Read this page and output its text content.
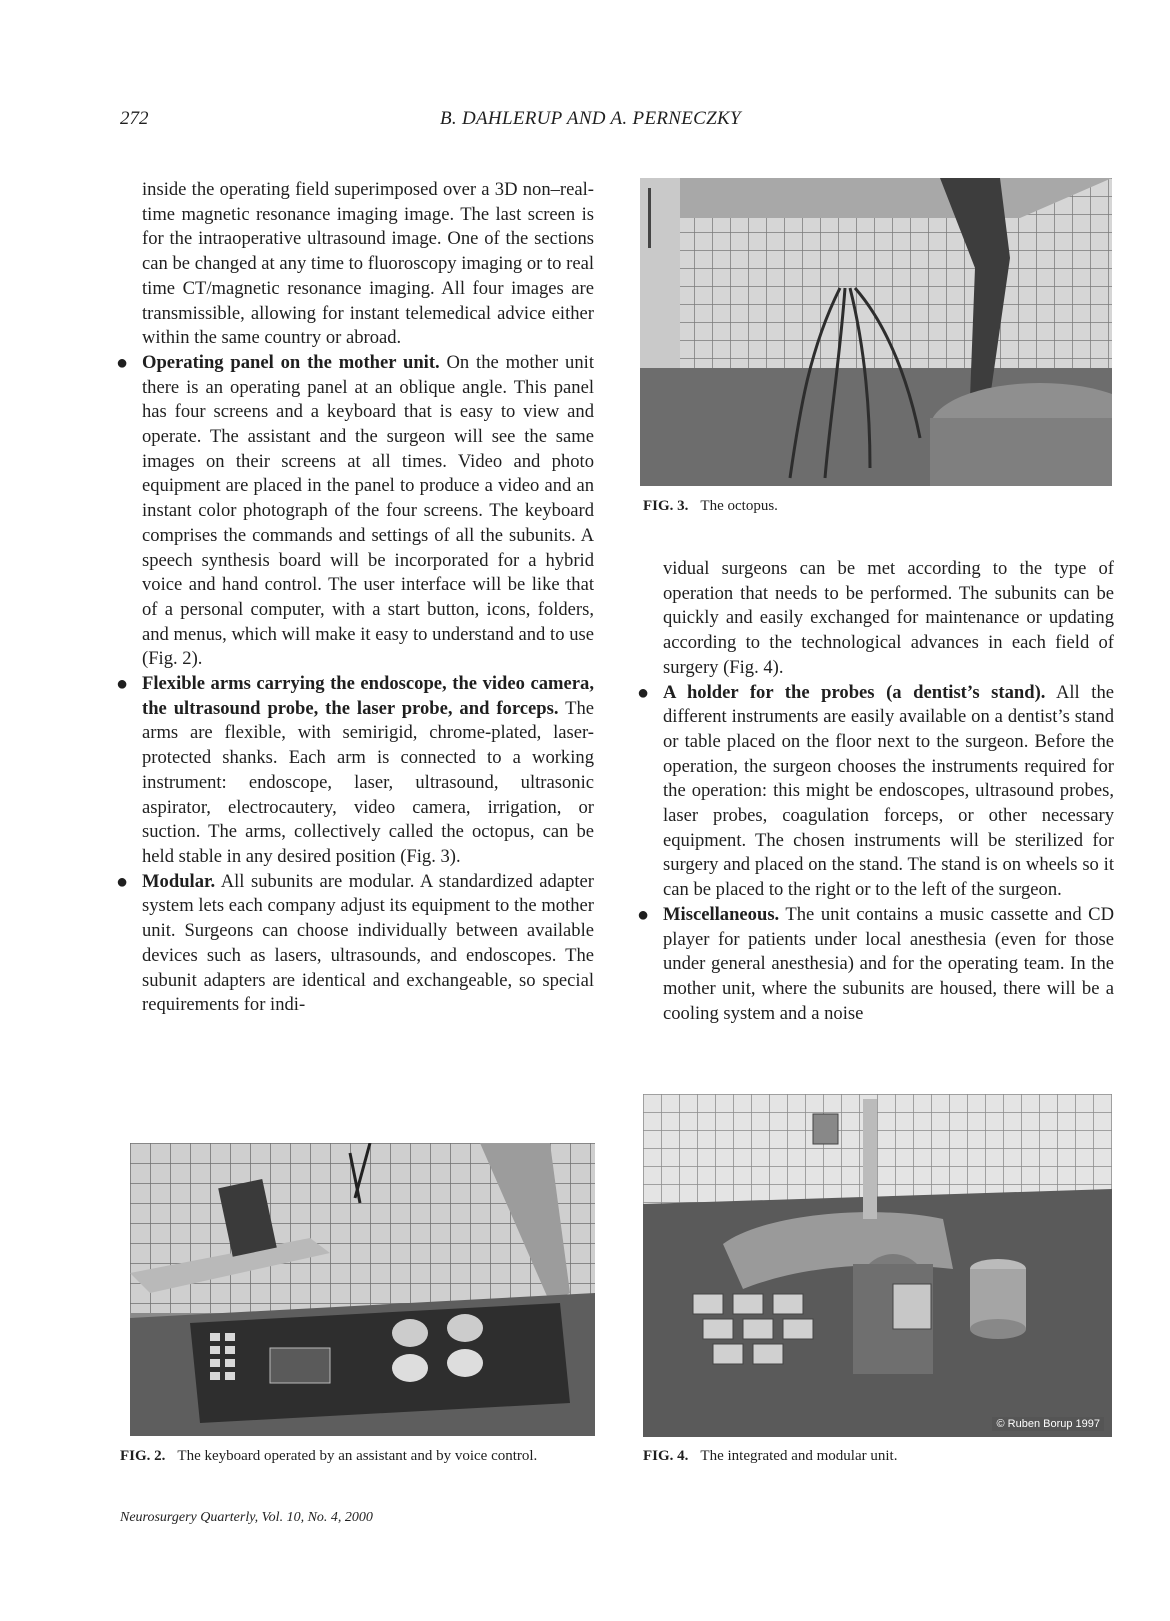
272	B. DAHLERUP AND A. PERNECZKY

inside the operating field superimposed over a 3D non–real-time magnetic resonance imaging image. The last screen is for the intraoperative ultrasound image. One of the sections can be changed at any time to fluoroscopy imaging or to real time CT/magnetic resonance imaging. All four images are transmissible, allowing for instant telemedical advice either within the same country or abroad.

● Operating panel on the mother unit. On the mother unit there is an operating panel at an oblique angle. This panel has four screens and a keyboard that is easy to view and operate. The assistant and the surgeon will see the same images on their screens at all times. Video and photo equipment are placed in the panel to produce a video and an instant color photograph of the four screens. The keyboard comprises the commands and settings of all the subunits. A speech synthesis board will be incorporated for a hybrid voice and hand control. The user interface will be like that of a personal computer, with a start button, icons, folders, and menus, which will make it easy to understand and to use (Fig. 2).

● Flexible arms carrying the endoscope, the video camera, the ultrasound probe, the laser probe, and forceps. The arms are flexible, with semirigid, chrome-plated, laser-protected shanks. Each arm is connected to a working instrument: endoscope, laser, ultrasound, ultrasonic aspirator, electrocautery, video camera, irrigation, or suction. The arms, collectively called the octopus, can be held stable in any desired position (Fig. 3).

● Modular. All subunits are modular. A standardized adapter system lets each company adjust its equipment to the mother unit. Surgeons can choose individually between available devices such as lasers, ultrasounds, and endoscopes. The subunit adapters are identical and exchangeable, so special requirements for indi-

FIG. 3. The octopus.

vidual surgeons can be met according to the type of operation that needs to be performed. The subunits can be quickly and easily exchanged for maintenance or updating according to the technological advances in each field of surgery (Fig. 4).

● A holder for the probes (a dentist’s stand). All the different instruments are easily available on a dentist’s stand or table placed on the floor next to the surgeon. Before the operation, the surgeon chooses the instruments required for the operation: this might be endoscopes, ultrasound probes, laser probes, coagulation forceps, or other necessary equipment. The chosen instruments will be sterilized for surgery and placed on the stand. The stand is on wheels so it can be placed to the right or to the left of the surgeon.

● Miscellaneous. The unit contains a music cassette and CD player for patients under local anesthesia (even for those under general anesthesia) and for the operating team. In the mother unit, where the subunits are housed, there will be a cooling system and a noise

FIG. 2. The keyboard operated by an assistant and by voice control.
© Ruben Borup 1997
FIG. 4. The integrated and modular unit.
Neurosurgery Quarterly, Vol. 10, No. 4, 2000
